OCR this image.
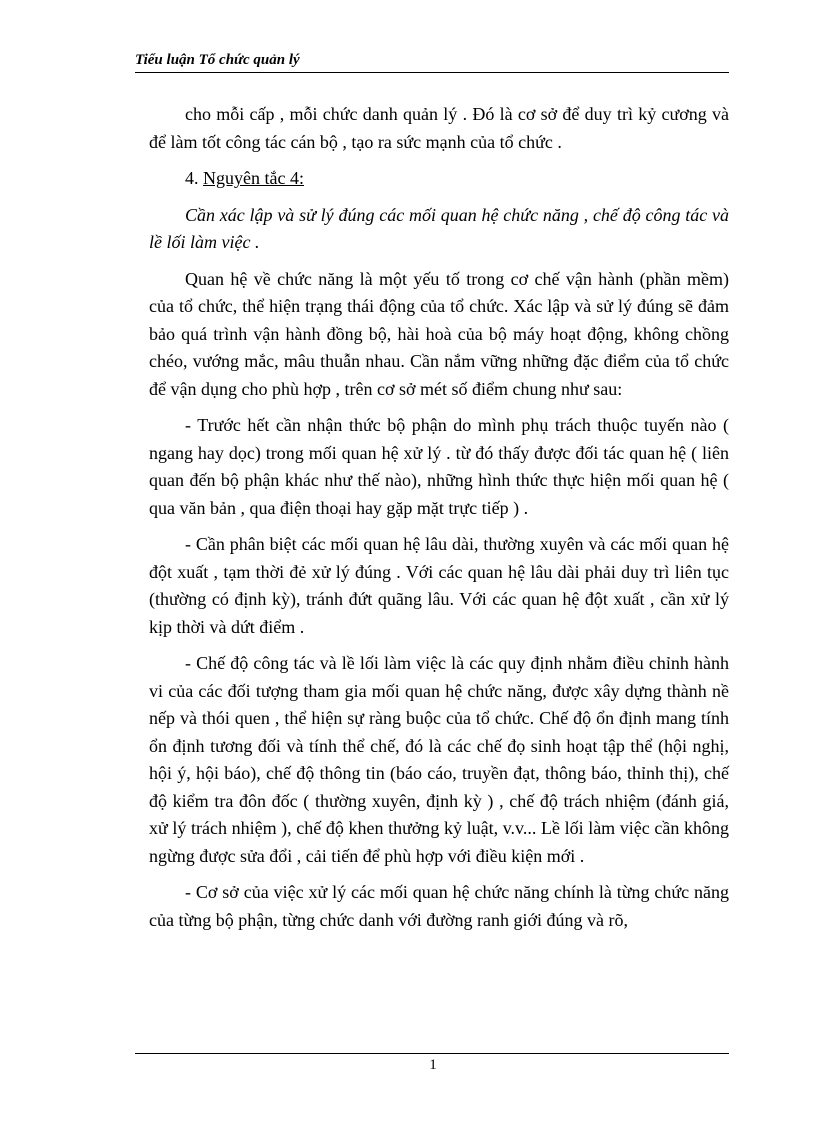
Tiểu luận Tổ chức quản lý

cho mỗi cấp , mỗi chức danh quản lý . Đó là cơ sở để duy trì kỷ cương và để làm tốt công tác cán bộ , tạo ra sức mạnh của tổ chức .

4. Nguyên tắc 4:

Cần xác lập và sử lý đúng các mối quan hệ chức năng , chế độ công tác và lề lối làm việc .

Quan hệ về chức năng là một yếu tố trong cơ chế vận hành (phần mềm) của tổ chức, thể hiện trạng thái động của tổ chức. Xác lập và sử lý đúng sẽ đảm bảo quá trình vận hành đồng bộ, hài hoà của bộ máy hoạt động, không chồng chéo, vướng mắc, mâu thuẫn nhau. Cần nắm vững những đặc điểm của tổ chức để vận dụng cho phù hợp , trên cơ sở mét số điểm chung như sau:

- Trước hết cần nhận thức bộ phận do mình phụ trách thuộc tuyến nào ( ngang hay dọc) trong mối quan hệ xử lý . từ đó thấy được đối tác quan hệ ( liên quan đến bộ phận khác như thế nào), những hình thức thực hiện mối quan hệ ( qua văn bản , qua điện thoại hay gặp mặt trực tiếp ) .

- Cần phân biệt các mối quan hệ lâu dài, thường xuyên và các mối quan hệ đột xuất , tạm thời đẻ xử lý đúng . Với các quan hệ lâu dài phải duy trì liên tục (thường có định kỳ), tránh đứt quãng lâu. Với các quan hệ đột xuất , cần xử lý kịp thời và dứt điểm .

- Chế độ công tác và lề lối làm việc là các quy định nhằm điều chỉnh hành vi của các đối tượng tham gia mối quan hệ chức năng, được xây dựng thành nề nếp và thói quen , thể hiện sự ràng buộc của tổ chức. Chế độ ổn định mang tính ổn định tương đối và tính thể chế, đó là các chế đọ sinh hoạt tập thể (hội nghị, hội ý, hội báo), chế độ thông tin (báo cáo, truyền đạt, thông báo, thỉnh thị), chế độ kiểm tra đôn đốc ( thường xuyên, định kỳ ) , chế độ trách nhiệm (đánh giá, xử lý trách nhiệm ), chế độ khen thưởng kỷ luật, v.v... Lề lối làm việc cần không ngừng được sửa đổi , cải tiến để phù hợp với điều kiện mới .

- Cơ sở của việc xử lý các mối quan hệ chức năng chính là từng chức năng của từng bộ phận, từng chức danh với đường ranh giới đúng và rõ,

1
